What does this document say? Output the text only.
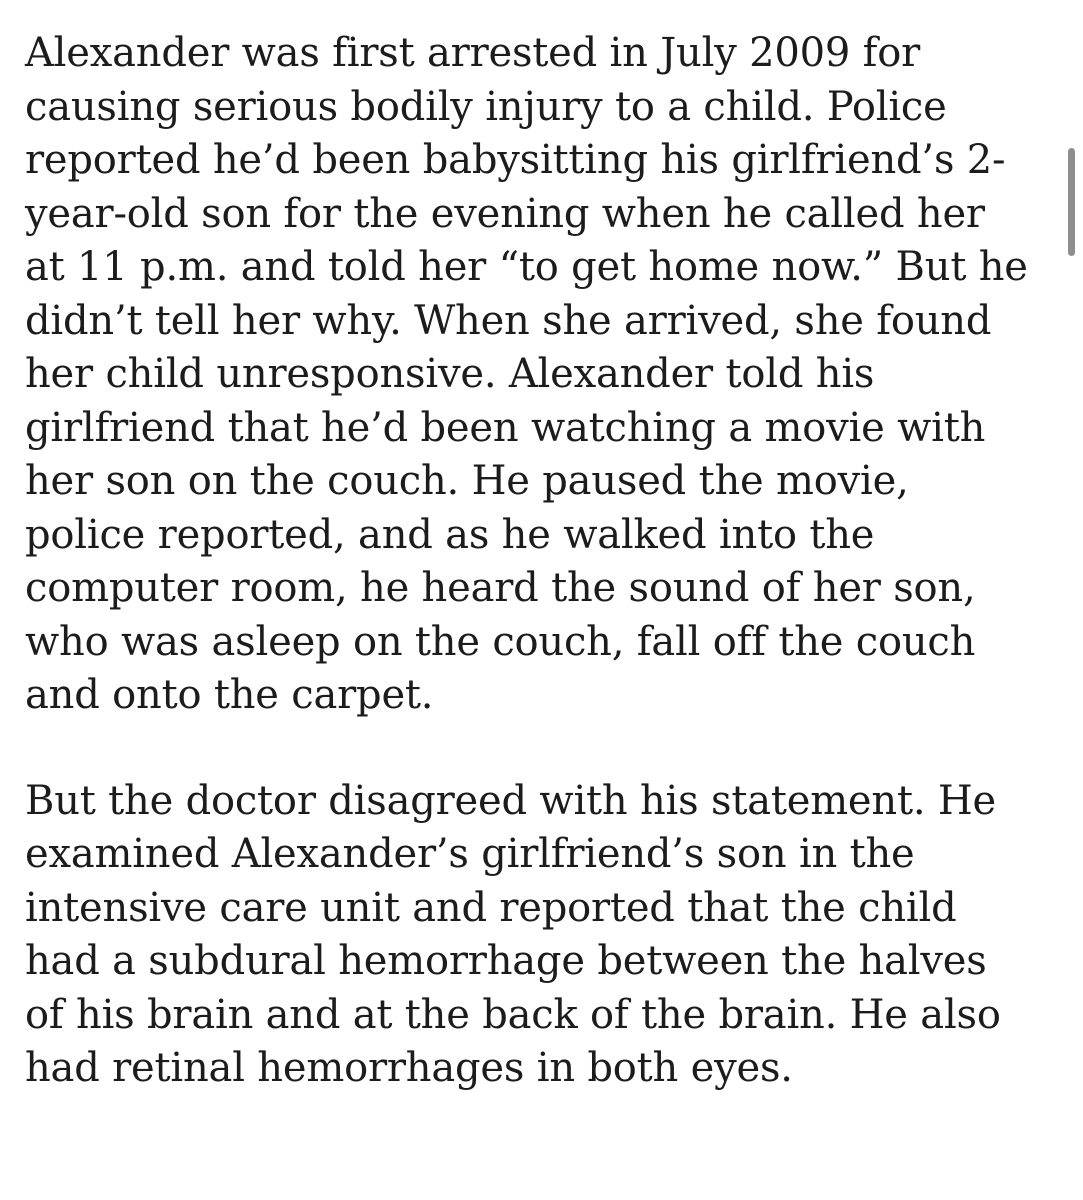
Alexander was first arrested in July 2009 for
causing serious bodily injury to a child. Police
reported he’d been babysitting his girlfriend’s 2-
year-old son for the evening when he called her
at 11 p.m. and told her “to get home now.” But he
didn’t tell her why. When she arrived, she found
her child unresponsive. Alexander told his
girlfriend that he’d been watching a movie with
her son on the couch. He paused the movie,
police reported, and as he walked into the
computer room, he heard the sound of her son,
who was asleep on the couch, fall off the couch
and onto the carpet.

But the doctor disagreed with his statement. He
examined Alexander’s girlfriend’s son in the
intensive care unit and reported that the child
had a subdural hemorrhage between the halves
of his brain and at the back of the brain. He also
had retinal hemorrhages in both eyes.
